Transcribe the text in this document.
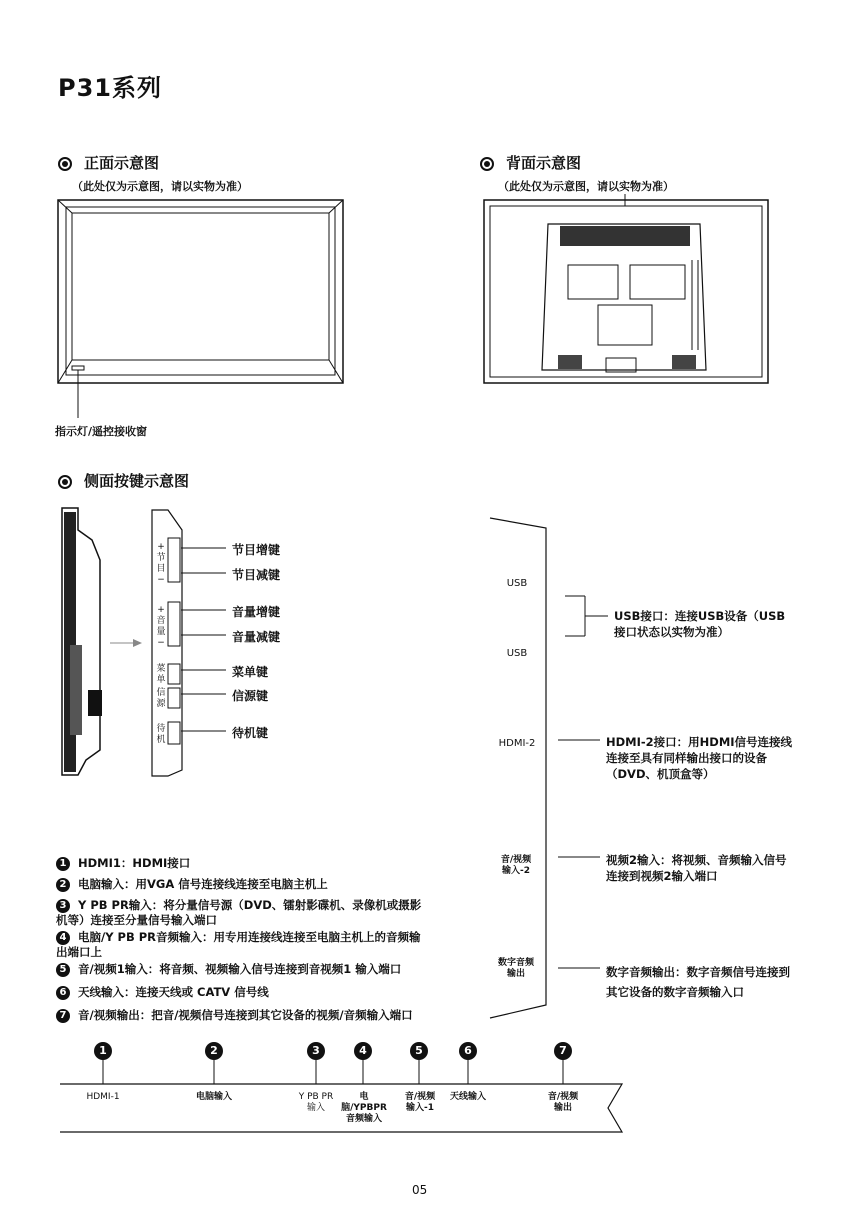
P31系列
正面示意图
（此处仅为示意图，请以实物为准）
背面示意图
（此处仅为示意图，请以实物为准）
指示灯/遥控接收窗
侧面按键示意图
+ 节目 −
+ 音量 −
菜单
信源
待机
节目增键
节目减键
音量增键
音量减键
菜单键
信源键
待机键
USB
USB
HDMI-2
音/视频 输入-2
数字音频 输出
USB接口：连接USB设备（USB接口状态以实物为准）
HDMI-2接口：用HDMI信号连接线连接至具有同样输出接口的设备（DVD、机顶盒等）
视频2输入：将视频、音频输入信号连接到视频2输入端口
数字音频输出：数字音频信号连接到其它设备的数字音频输入口
1 HDMI1：HDMI接口
2 电脑输入：用VGA 信号连接线连接至电脑主机上
3 Y PB PR输入：将分量信号源（DVD、镭射影碟机、录像机或摄影机等）连接至分量信号输入端口
4 电脑/Y PB PR音频输入：用专用连接线连接至电脑主机上的音频输出端口上
5 音/视频1输入：将音频、视频输入信号连接到音视频1 输入端口
6 天线输入：连接天线或 CATV 信号线
7 音/视频输出：把音/视频信号连接到其它设备的视频/音频输入端口
1	2	3	4	5	6	7
HDMI-1	电脑输入	Y PB PR 输入
电脑/YPBPR 音频输入
音/视频 输入-1
天线输入	音/视频 输出
05
